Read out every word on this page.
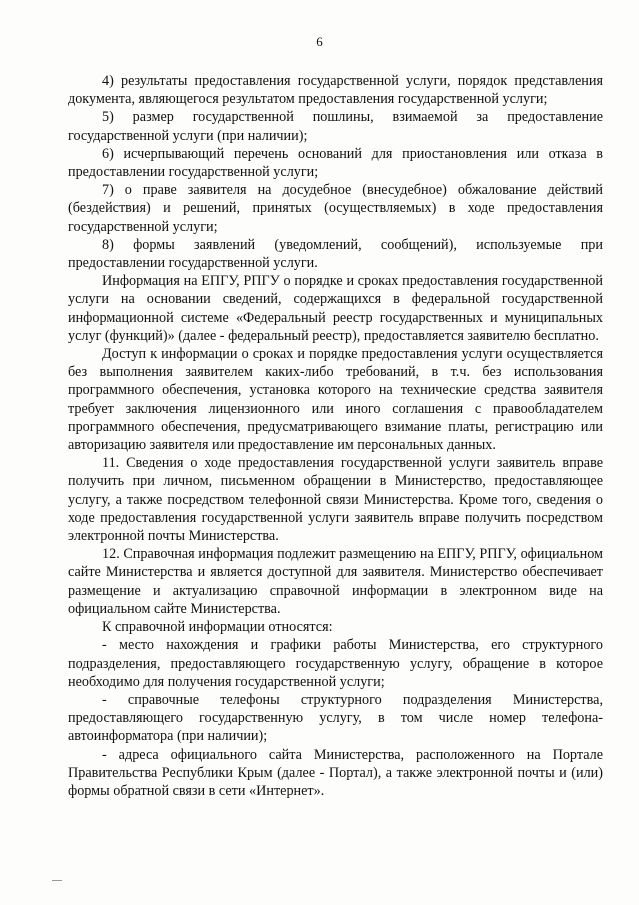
6

4) результаты предоставления государственной услуги, порядок представления документа, являющегося результатом предоставления государственной услуги;

5) размер государственной пошлины, взимаемой за предоставление государственной услуги (при наличии);

6) исчерпывающий перечень оснований для приостановления или отказа в предоставлении государственной услуги;

7) о праве заявителя на досудебное (внесудебное) обжалование действий (бездействия) и решений, принятых (осуществляемых) в ходе предоставления государственной услуги;

8) формы заявлений (уведомлений, сообщений), используемые при предоставлении государственной услуги.

Информация на ЕПГУ, РПГУ о порядке и сроках предоставления государственной услуги на основании сведений, содержащихся в федеральной государственной информационной системе «Федеральный реестр государственных и муниципальных услуг (функций)» (далее - федеральный реестр), предоставляется заявителю бесплатно.

Доступ к информации о сроках и порядке предоставления услуги осуществляется без выполнения заявителем каких-либо требований, в т.ч. без использования программного обеспечения, установка которого на технические средства заявителя требует заключения лицензионного или иного соглашения с правообладателем программного обеспечения, предусматривающего взимание платы, регистрацию или авторизацию заявителя или предоставление им персональных данных.

11. Сведения о ходе предоставления государственной услуги заявитель вправе получить при личном, письменном обращении в Министерство, предоставляющее услугу, а также посредством телефонной связи Министерства. Кроме того, сведения о ходе предоставления государственной услуги заявитель вправе получить посредством электронной почты Министерства.

12. Справочная информация подлежит размещению на ЕПГУ, РПГУ, официальном сайте Министерства и является доступной для заявителя. Министерство обеспечивает размещение и актуализацию справочной информации в электронном виде на официальном сайте Министерства.

К справочной информации относятся:

- место нахождения и графики работы Министерства, его структурного подразделения, предоставляющего государственную услугу, обращение в которое необходимо для получения государственной услуги;

- справочные телефоны структурного подразделения Министерства, предоставляющего государственную услугу, в том числе номер телефона-автоинформатора (при наличии);

- адреса официального сайта Министерства, расположенного на Портале Правительства Республики Крым (далее - Портал), а также электронной почты и (или) формы обратной связи в сети «Интернет».
